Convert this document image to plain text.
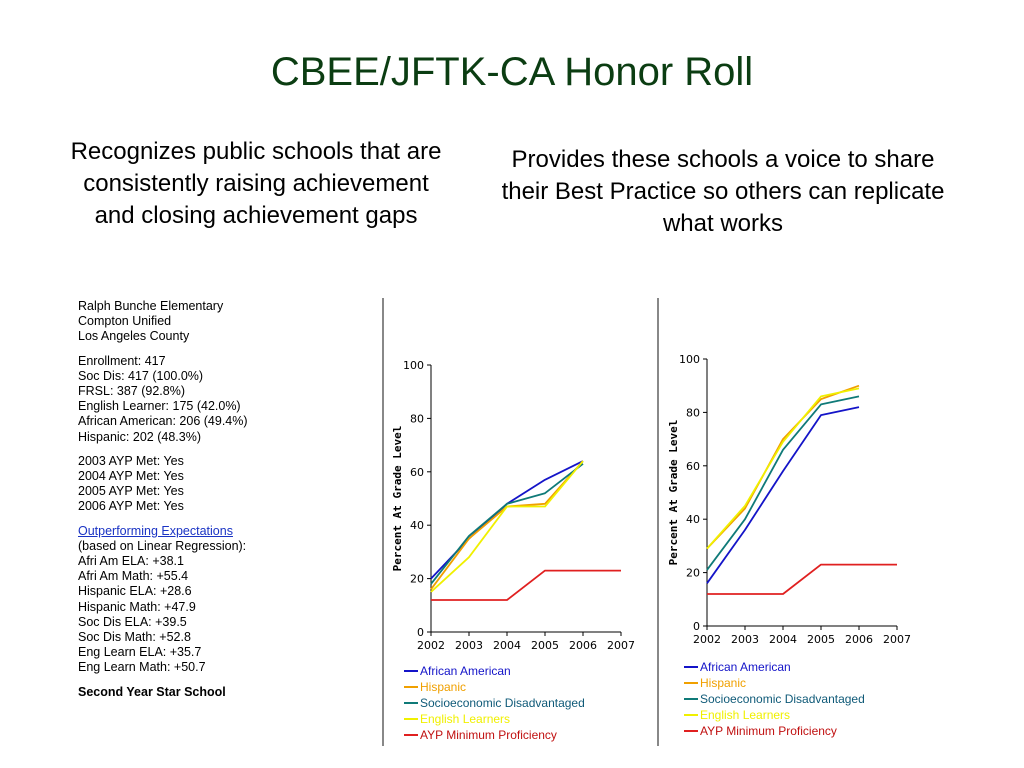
CBEE/JFTK-CA Honor Roll
Recognizes public schools that are consistently raising achievement and closing achievement gaps
Provides these schools a voice to share their Best Practice so others can replicate what works
Ralph Bunche Elementary
Compton Unified
Los Angeles County
Enrollment: 417
Soc Dis: 417 (100.0%)
FRSL: 387 (92.8%)
English Learner: 175 (42.0%)
African American: 206 (49.4%)
Hispanic: 202 (48.3%)
2003 AYP Met: Yes
2004 AYP Met: Yes
2005 AYP Met: Yes
2006 AYP Met: Yes
Outperforming Expectations
(based on Linear Regression):
Afri Am ELA: +38.1
Afri Am Math: +55.4
Hispanic ELA: +28.6
Hispanic Math: +47.9
Soc Dis ELA: +39.5
Soc Dis Math: +52.8
Eng Learn ELA: +35.7
Eng Learn Math: +50.7
Second Year Star School
0
20
40
60
80
100
2002 2003 2004 2005 2006 2007
Percent At Grade Level
0
20
40
60
80
100
2002 2003 2004 2005 2006 2007
Percent At Grade Level
African American
Hispanic
Socioeconomic Disadvantaged
English Learners
AYP Minimum Proficiency
African American
Hispanic
Socioeconomic Disadvantaged
English Learners
AYP Minimum Proficiency
